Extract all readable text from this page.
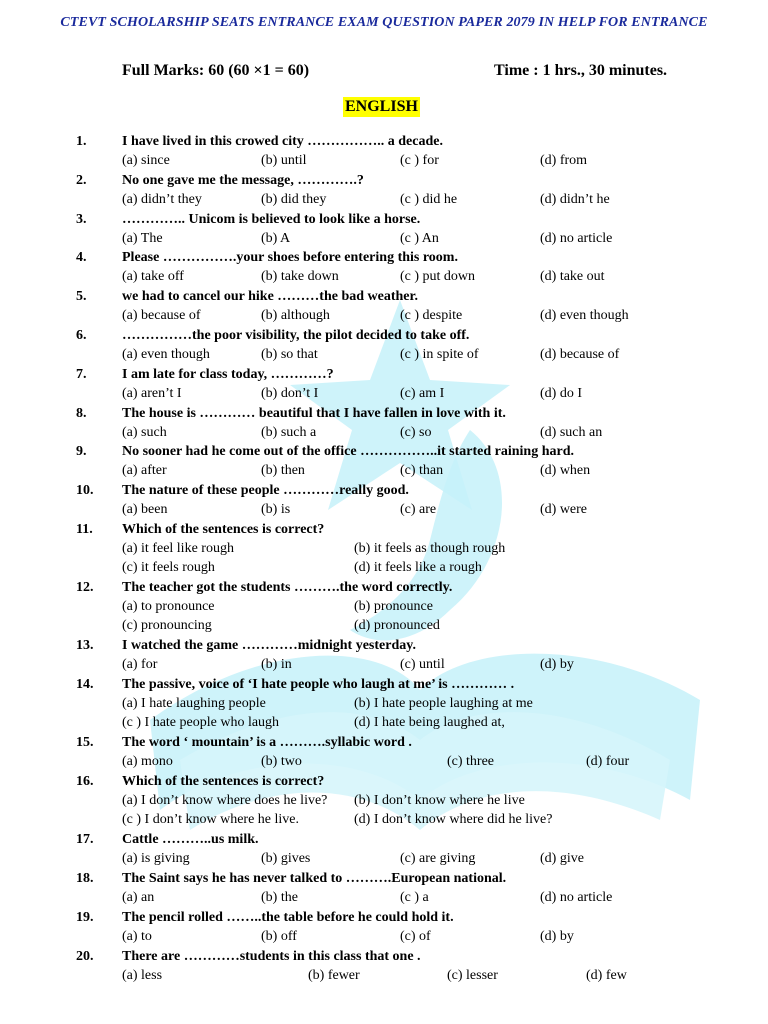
CTEVT SCHOLARSHIP SEATS ENTRANCE EXAM QUESTION PAPER 2079 IN HELP FOR ENTRANCE
Full Marks: 60 (60 ×1 = 60)	Time : 1 hrs., 30 minutes.
ENGLISH
1.	I have lived in this crowed city …………….. a decade.
(a) since	(b) until	(c ) for	(d) from
2.	No one gave me the message, ………….?
(a) didn’t they	(b) did they	(c ) did he	(d) didn’t he
3.	………….. Unicom is believed to look like a horse.
(a) The	(b) A	(c ) An	(d) no article
4.	Please …………….your shoes before entering this room.
(a) take off	(b) take down	(c ) put down	(d) take out
5.	we had to cancel our hike ………the bad weather.
(a) because of	(b) although	(c ) despite	(d) even though
6.	……………the poor visibility, the pilot decided to take off.
(a) even though	(b) so that	(c ) in spite of	(d) because of
7.	I am late for class today, …………?
(a) aren’t I	(b) don’t I	(c) am I	(d) do I
8.	The house is ………… beautiful that I have fallen in love with it.
(a) such	(b) such a	(c) so	(d) such an
9.	No sooner had he come out of the office ……………..it started raining hard.
(a) after	(b) then	(c) than	(d) when
10. The nature of these people …………really good.
(a) been	(b) is	(c) are	(d) were
11. Which of the sentences is correct?
(a) it feel like rough	(b) it feels as though rough
(c) it feels rough	(d) it feels like a rough
12. The teacher got the students ……….the word correctly.
(a) to pronounce	(b) pronounce
(c) pronouncing	(d) pronounced
13. I watched the game …………midnight yesterday.
(a) for	(b) in	(c) until	(d) by
14. The passive, voice of ‘I hate people who laugh at me’ is ………… .
(a) I hate laughing people	(b) I hate people laughing at me
(c ) I hate people who laugh	(d) I hate being laughed at,
15. The word ‘ mountain’ is a ……….syllabic word .
(a) mono	(b) two	(c) three	(d) four
16. Which of the sentences is correct?
(a) I don’t know where does he live? (b) I don’t know where he live
(c ) I don’t know where he live.	(d) I don’t know where did he live?
17. Cattle ………..us milk.
(a) is giving	(b) gives	(c) are giving	(d) give
18. The Saint says he has never talked to ……….European national.
(a) an	(b) the	(c ) a	(d) no article
19. The pencil rolled ……..the table before he could hold it.
(a) to	(b) off	(c) of	(d) by
20. There are …………students in this class that one .
(a) less	(b) fewer	(c) lesser	(d) few
